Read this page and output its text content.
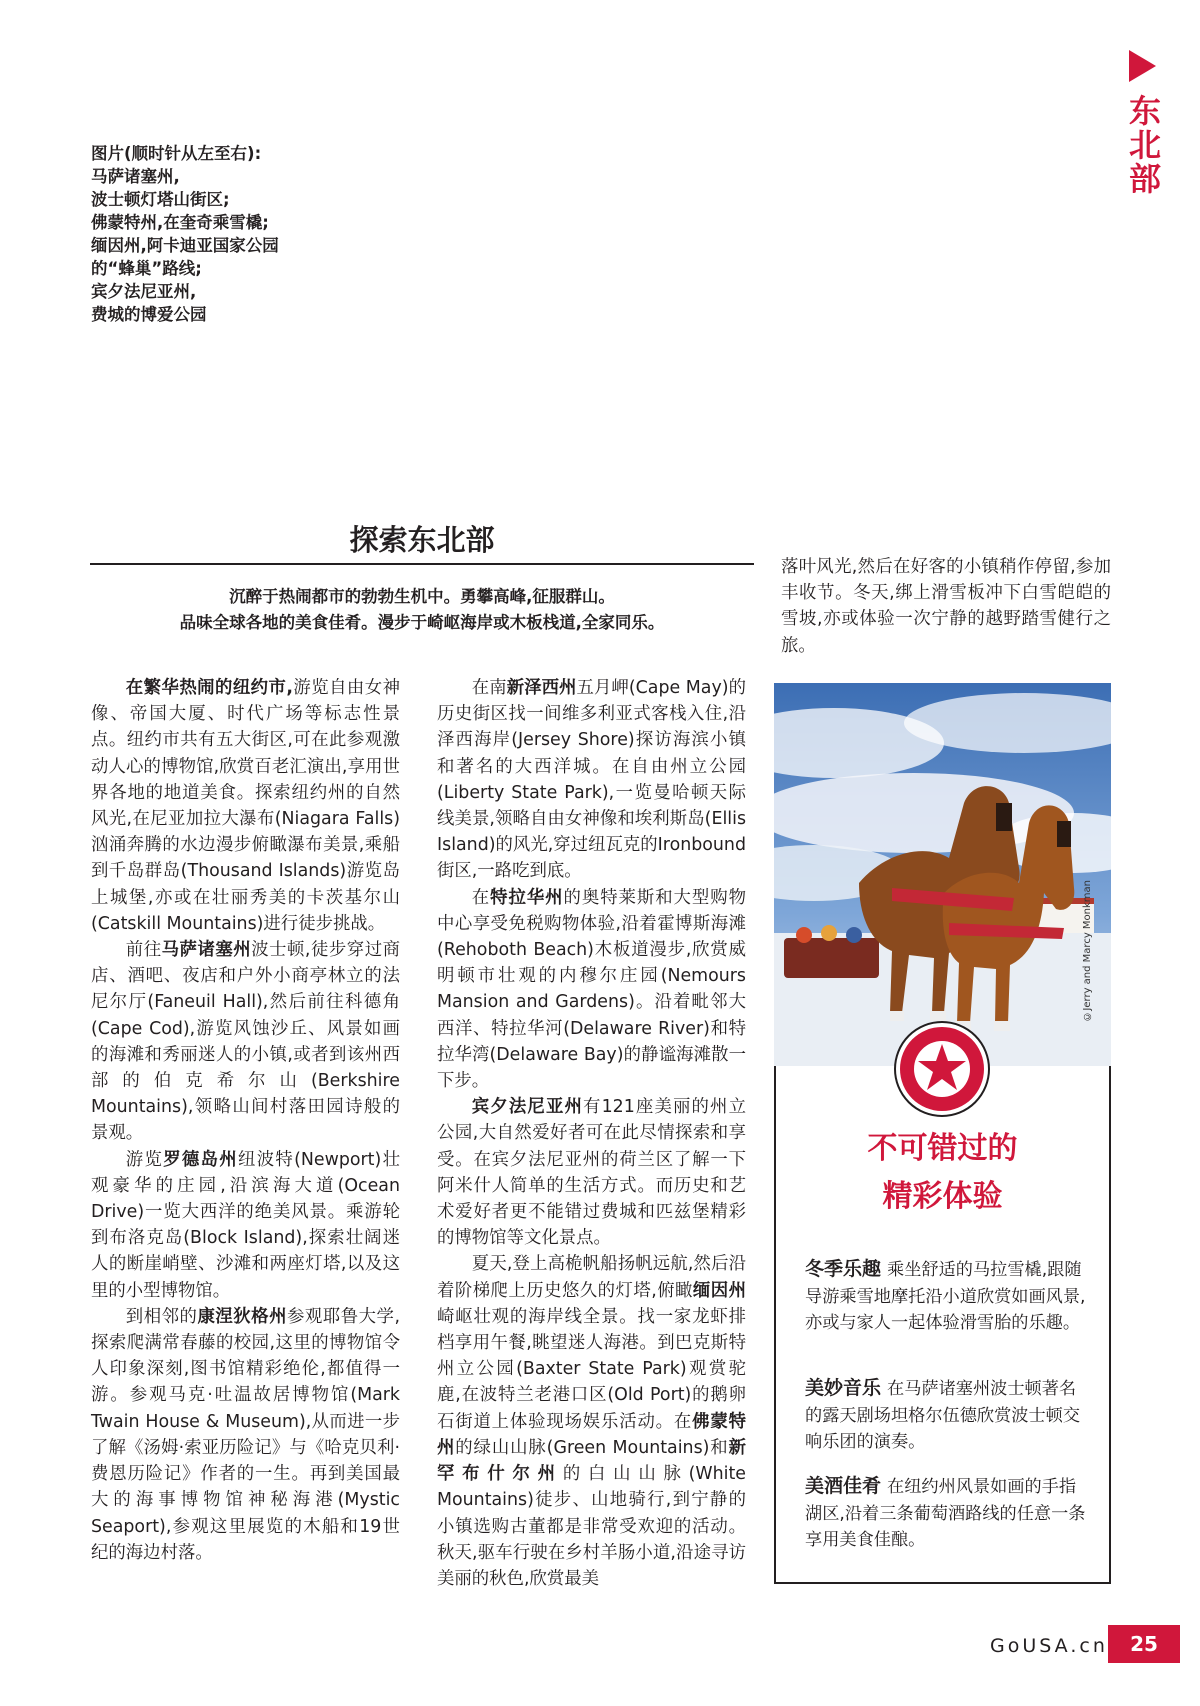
东北部
图片(顺时针从左至右):
马萨诸塞州,
波士顿灯塔山街区;
佛蒙特州,在奎奇乘雪橇;
缅因州,阿卡迪亚国家公园
的“蜂巢”路线;
宾夕法尼亚州,
费城的博爱公园
探索东北部
沉醉于热闹都市的勃勃生机中。勇攀高峰,征服群山。
品味全球各地的美食佳肴。漫步于崎岖海岸或木板栈道,全家同乐。

在繁华热闹的纽约市,游览自由女神像、帝国大厦、时代广场等标志性景点。纽约市共有五大街区,可在此参观激动人心的博物馆,欣赏百老汇演出,享用世界各地的地道美食。探索纽约州的自然风光,在尼亚加拉大瀑布(Niagara Falls)汹涌奔腾的水边漫步俯瞰瀑布美景,乘船到千岛群岛(Thousand Islands)游览岛上城堡,亦或在壮丽秀美的卡茨基尔山(Catskill Mountains)进行徒步挑战。

前往马萨诸塞州波士顿,徒步穿过商店、酒吧、夜店和户外小商亭林立的法尼尔厅(Faneuil Hall),然后前往科德角(Cape Cod),游览风蚀沙丘、风景如画的海滩和秀丽迷人的小镇,或者到该州西部的伯克希尔山(Berkshire Mountains),领略山间村落田园诗般的景观。

游览罗德岛州纽波特(Newport)壮观豪华的庄园,沿滨海大道(Ocean Drive)一览大西洋的绝美风景。乘游轮到布洛克岛(Block Island),探索壮阔迷人的断崖峭壁、沙滩和两座灯塔,以及这里的小型博物馆。

到相邻的康涅狄格州参观耶鲁大学,探索爬满常春藤的校园,这里的博物馆令人印象深刻,图书馆精彩绝伦,都值得一游。参观马克·吐温故居博物馆(Mark Twain House & Museum),从而进一步了解《汤姆·索亚历险记》与《哈克贝利·费恩历险记》作者的一生。再到美国最大的海事博物馆神秘海港(Mystic Seaport),参观这里展览的木船和19世纪的海边村落。

在南新泽西州五月岬(Cape May)的历史街区找一间维多利亚式客栈入住,沿泽西海岸(Jersey Shore)探访海滨小镇和著名的大西洋城。在自由州立公园(Liberty State Park),一览曼哈顿天际线美景,领略自由女神像和埃利斯岛(Ellis Island)的风光,穿过纽瓦克的Ironbound街区,一路吃到底。

在特拉华州的奥特莱斯和大型购物中心享受免税购物体验,沿着霍博斯海滩(Rehoboth Beach)木板道漫步,欣赏威明顿市壮观的内穆尔庄园(Nemours Mansion and Gardens)。沿着毗邻大西洋、特拉华河(Delaware River)和特拉华湾(Delaware Bay)的静谧海滩散一下步。

宾夕法尼亚州有121座美丽的州立公园,大自然爱好者可在此尽情探索和享受。在宾夕法尼亚州的荷兰区了解一下阿米什人简单的生活方式。而历史和艺术爱好者更不能错过费城和匹兹堡精彩的博物馆等文化景点。

夏天,登上高桅帆船扬帆远航,然后沿着阶梯爬上历史悠久的灯塔,俯瞰缅因州崎岖壮观的海岸线全景。找一家龙虾排档享用午餐,眺望迷人海港。到巴克斯特州立公园(Baxter State Park)观赏驼鹿,在波特兰老港口区(Old Port)的鹅卵石街道上体验现场娱乐活动。在佛蒙特州的绿山山脉(Green Mountains)和新罕布什尔州的白山山脉(White Mountains)徒步、山地骑行,到宁静的小镇选购古董都是非常受欢迎的活动。秋天,驱车行驶在乡村羊肠小道,沿途寻访美丽的秋色,欣赏最美

落叶风光,然后在好客的小镇稍作停留,参加丰收节。冬天,绑上滑雪板冲下白雪皑皑的雪坡,亦或体验一次宁静的越野踏雪健行之旅。
©Jerry and Marcy Monkman
不可错过的
精彩体验
冬季乐趣 乘坐舒适的马拉雪橇,跟随导游乘雪地摩托沿小道欣赏如画风景,亦或与家人一起体验滑雪胎的乐趣。
美妙音乐 在马萨诸塞州波士顿著名的露天剧场坦格尔伍德欣赏波士顿交响乐团的演奏。
美酒佳肴 在纽约州风景如画的手指湖区,沿着三条葡萄酒路线的任意一条享用美食佳酿。
GoUSA.cn	25
